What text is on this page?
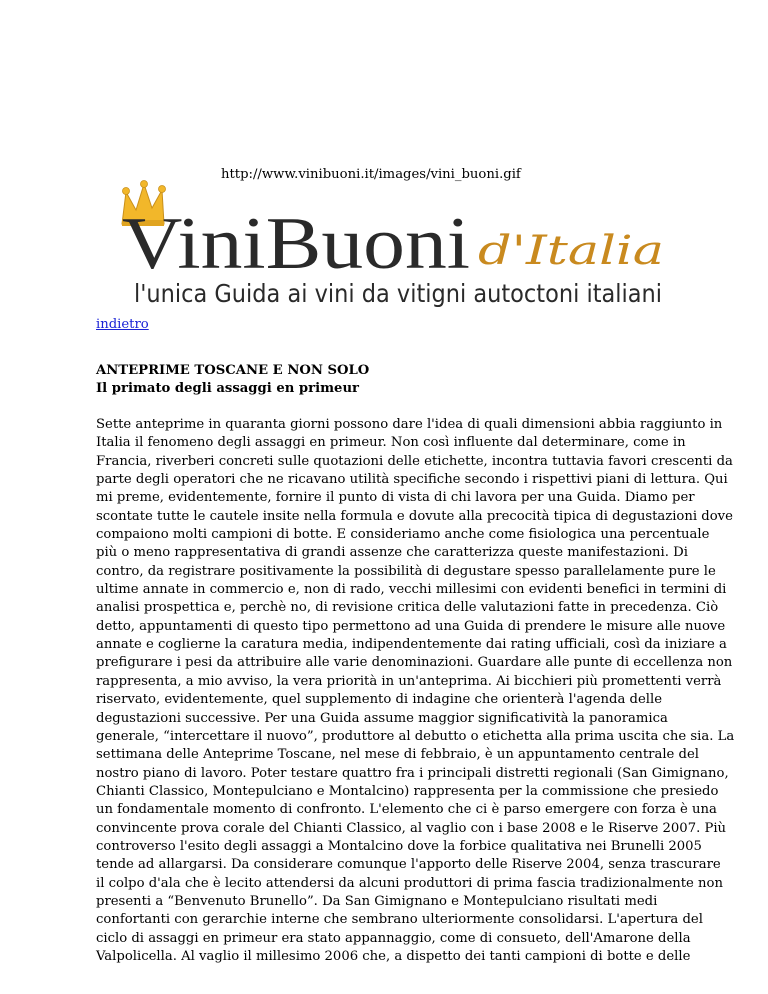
http://www.vinibuoni.it/images/vini_buoni.gif
ViniBuoni d'Italia
l'unica Guida ai vini da vitigni autoctoni italiani
indietro
ANTEPRIME TOSCANE E NON SOLO
Il primato degli assaggi en primeur
Sette anteprime in quaranta giorni possono dare l'idea di quali dimensioni abbia raggiunto in
Italia il fenomeno degli assaggi en primeur. Non così influente dal determinare, come in
Francia, riverberi concreti sulle quotazioni delle etichette, incontra tuttavia favori crescenti da
parte degli operatori che ne ricavano utilità specifiche secondo i rispettivi piani di lettura. Qui
mi preme, evidentemente, fornire il punto di vista di chi lavora per una Guida. Diamo per
scontate tutte le cautele insite nella formula e dovute alla precocità tipica di degustazioni dove
compaiono molti campioni di botte. E consideriamo anche come fisiologica una percentuale
più o meno rappresentativa di grandi assenze che caratterizza queste manifestazioni. Di
contro, da registrare positivamente la possibilità di degustare spesso parallelamente pure le
ultime annate in commercio e, non di rado, vecchi millesimi con evidenti benefici in termini di
analisi prospettica e, perchè no, di revisione critica delle valutazioni fatte in precedenza. Ciò
detto, appuntamenti di questo tipo permettono ad una Guida di prendere le misure alle nuove
annate e coglierne la caratura media, indipendentemente dai rating ufficiali, così da iniziare a
prefigurare i pesi da attribuire alle varie denominazioni. Guardare alle punte di eccellenza non
rappresenta, a mio avviso, la vera priorità in un'anteprima. Ai bicchieri più promettenti verrà
riservato, evidentemente, quel supplemento di indagine che orienterà l'agenda delle
degustazioni successive. Per una Guida assume maggior significatività la panoramica
generale, “intercettare il nuovo”, produttore al debutto o etichetta alla prima uscita che sia. La
settimana delle Anteprime Toscane, nel mese di febbraio, è un appuntamento centrale del
nostro piano di lavoro. Poter testare quattro fra i principali distretti regionali (San Gimignano,
Chianti Classico, Montepulciano e Montalcino) rappresenta per la commissione che presiedo
un fondamentale momento di confronto. L'elemento che ci è parso emergere con forza è una
convincente prova corale del Chianti Classico, al vaglio con i base 2008 e le Riserve 2007. Più
controverso l'esito degli assaggi a Montalcino dove la forbice qualitativa nei Brunelli 2005
tende ad allargarsi. Da considerare comunque l'apporto delle Riserve 2004, senza trascurare
il colpo d'ala che è lecito attendersi da alcuni produttori di prima fascia tradizionalmente non
presenti a “Benvenuto Brunello”. Da San Gimignano e Montepulciano risultati medi
confortanti con gerarchie interne che sembrano ulteriormente consolidarsi. L'apertura del
ciclo di assaggi en primeur era stato appannaggio, come di consueto, dell'Amarone della
Valpolicella. Al vaglio il millesimo 2006 che, a dispetto dei tanti campioni di botte e delle
